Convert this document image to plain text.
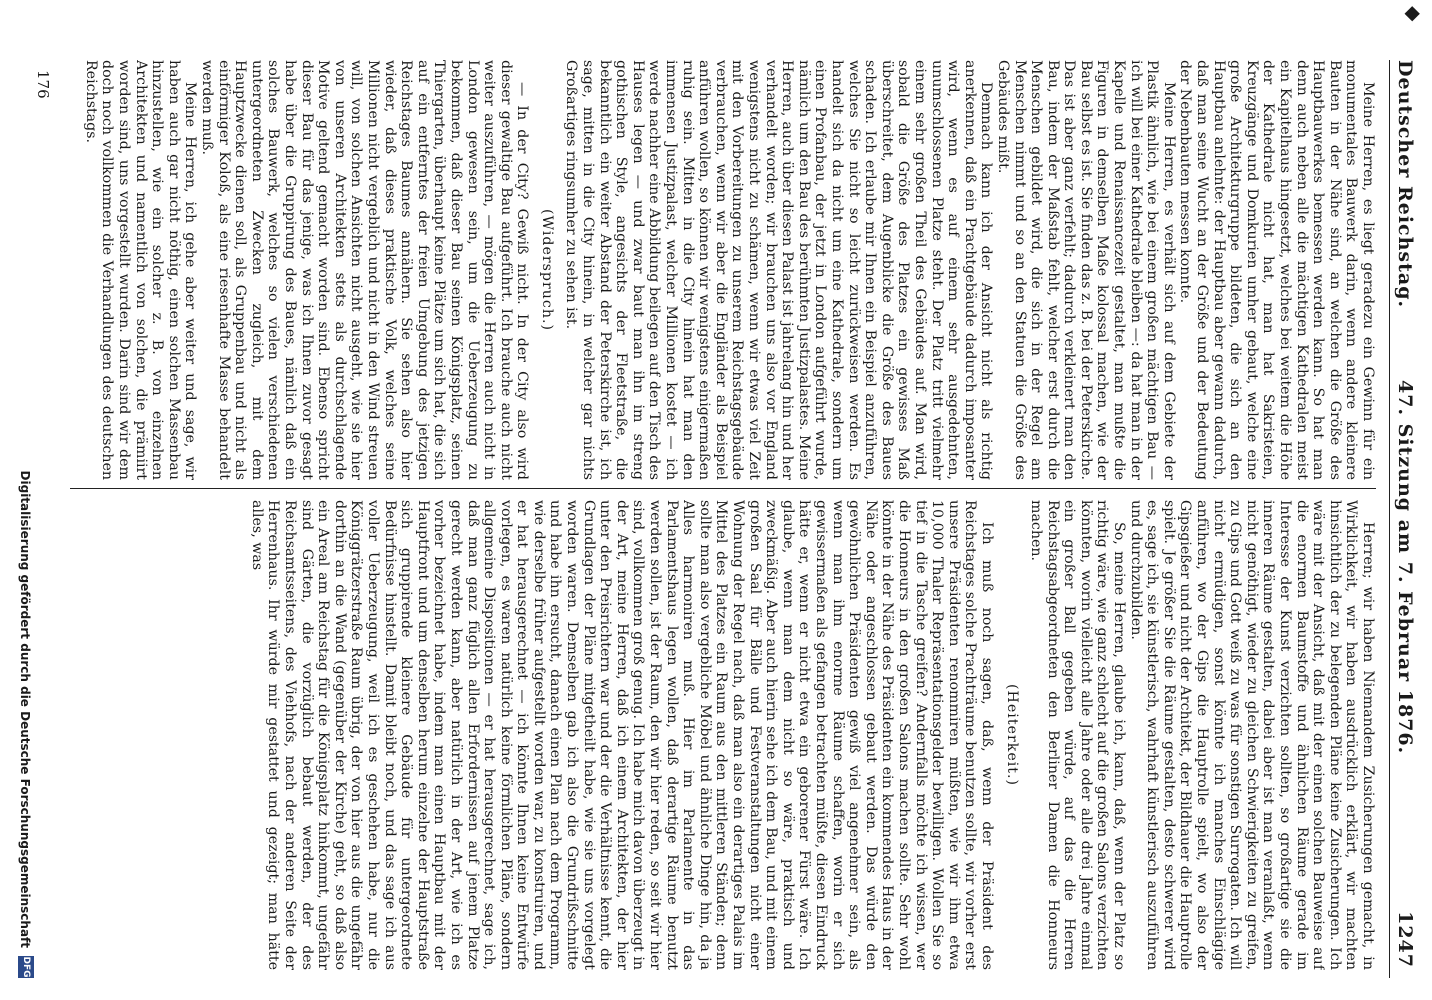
◆
Deutscher Reichstag.
47. Sitzung am 7. Februar 1876.
1247

Meine Herren, es liegt geradezu ein Gewinn für ein monumentales Bauwerk darin, wenn andere kleinere Bauten in der Nähe sind, an welchen die Größe des Hauptbauwerkes bemessen werden kann. So hat man denn auch neben alle die mächtigen Kathedralen meist ein Kapitelhaus hingesetzt, welches bei weitem die Höhe der Kathedrale nicht hat, man hat Sakristeien, Kreuzgänge und Domkurien umher gebaut, welche eine große Architekturgruppe bildeten, die sich an den Hauptbau anlehnte: der Hauptbau aber gewann dadurch, daß man seine Wucht an der Größe und der Bedeutung der Nebenbauten messen konnte.

Meine Herren, es verhält sich auf dem Gebiete der Plastik ähnlich, wie bei einem großen mächtigen Bau — ich will bei einer Kathedrale bleiben —: da hat man in der Kapelle und Renaissancezeit gestaltet, man mußte die Figuren in demselben Maße kolossal machen, wie der Bau selbst es ist. Sie finden das z. B. bei der Peterskirche. Das ist aber ganz verfehlt; dadurch verkleinert man den Bau, indem der Maßstab fehlt, welcher erst durch die Menschen gebildet wird, die sich in der Regel am Menschen nimmt und so an den Statuen die Größe des Gebäudes mißt.

Demnach kann ich der Ansicht nicht als richtig anerkennen, daß ein Prachtgebäude dadurch imposanter wird, wenn es auf einem sehr ausgedehnten, unumschlossenen Platze steht. Der Platz tritt vielmehr einem sehr großen Theil des Gebäudes auf. Man wird, sobald die Größe des Platzes ein gewisses Maß überschreitet, dem Augenblicke die Größe des Baues schaden. Ich erlaube mir Ihnen ein Beispiel anzuführen, welches Sie nicht so leicht zurückweisen werden. Es handelt sich da nicht um eine Kathedrale, sondern um einen Profanbau, der jetzt in London aufgeführt wurde, nämlich um den Bau des berühmten Justizpalastes. Meine Herren, auch über diesen Palast ist jahrelang hin und her verhandelt worden; wir brauchen uns also vor England wenigstens nicht zu schämen, wenn wir etwas viel Zeit mit den Vorbereitungen zu unserem Reichstagsgebäude verbrauchen, wenn wir aber die Engländer als Beispiel anführen wollen, so können wir wenigstens einigermaßen ruhig sein. Mitten in die City hinein hat man den immensen Justizpalast, welcher Millionen kostet — ich werde nachher eine Abbildung beilegen auf den Tisch des Hauses legen — und zwar baut man ihn im streng gothischen Style, angesichts der Fleetstraße, die bekanntlich ein weiter Abstand der Peterskirche ist, ich sage, mitten in die City hinein, in welcher gar nichts Großartiges ringsumher zu sehen ist.

(Widerspruch.)

— In der City? Gewiß nicht. In der City also wird dieser gewaltige Bau aufgeführt. Ich brauche auch nicht weiter auszuführen, — mögen die Herren auch nicht in London gewesen sein, um die Ueberzeugung zu bekommen, daß dieser Bau seinen Königsplatz, seinen Thiergarten, überhaupt keine Plätze um sich hat, die sich auf ein entferntes der freien Umgebung des jetzigen Reichstages Baumes annähern. Sie sehen also hier wieder, daß dieses praktische Volk, welches seine Millionen nicht vergeblich und nicht in den Wind streuen will, von solchen Ansichten nicht ausgeht, wie sie hier von unseren Architekten stets als durchschlagende Motive geltend gemacht worden sind. Ebenso spricht dieser Bau für das jenige, was ich Ihnen zuvor gesagt habe über die Gruppirung des Baues, nämlich daß ein solches Bauwerk, welches so vielen verschiedenen untergeordneten Zwecken zugleich, mit dem Hauptzwecke dienen soll, als Gruppenbau und nicht als einförmiger Koloß, als eine riesenhafte Masse behandelt werden muß.

Meine Herren, ich gehe aber weiter und sage, wir haben auch gar nicht nöthig, einen solchen Massenbau hinzustellen, wie ein solcher z. B. von einzelnen Architekten und namentlich von solchen, die prämiirt worden sind, uns vorgestellt wurden. Darin sind wir dem doch noch vollkommen die Verhandlungen des deutschen Reichstags.

Herren; wir haben Niemandem Zusicherungen gemacht, in Wirklichkeit, wir haben ausdrücklich erklärt, wir machten hinsichtlich der zu belegenden Pläne keine Zusicherungen. Ich wäre mit der Ansicht, daß mit der einen solchen Bauweise auf die enormen Baumstoffe und ähnlichen Räume gerade im Interesse der Kunst verzichten sollten, so großartige sie die inneren Räume gestalten, dabei aber ist man veranlaßt, wenn nicht genöthigt, wieder zu gleichen Schwierigkeiten zu greifen, zu Gips und Gott weiß zu was für sonstigen Surrogaten. Ich will nicht ermüdigen, sonst könnte ich manches Einschlägige anführen, wo der Gips die Hauptrolle spielt, wo also der Gipsgießer und nicht der Architekt, der Bildhauer die Hauptrolle spielt. Je größer Sie die Räume gestalten, desto schwerer wird es, sage ich, sie künstlerisch, wahrhaft künstlerisch auszuführen und durchzubilden.

So, meine Herren, glaube ich, kann, daß, wenn der Platz so richtig wäre, wie ganz schlecht auf die großen Salons verzichten könnten, worin vielleicht alle Jahre oder alle drei Jahre einmal ein großer Ball gegeben würde, auf das die Herren Reichstagsabgeordneten den Berliner Damen die Honneurs machen.

(Heiterkeit.)

Ich muß noch sagen, daß, wenn der Präsident des Reichstages solche Prachträume benutzen sollte, wir vorher erst unsere Präsidenten renommiren müßten, wie wir ihm etwa 10,000 Thaler Repräsentationsgelder bewilligen. Wollen Sie so tief in die Tasche greifen? Andernfalls möchte ich wissen, wer die Honneurs in den großen Salons machen sollte. Sehr wohl könnte in der Nähe des Präsidenten ein kommendes Haus in der Nähe oder angeschlossen gebaut werden. Das würde den gewöhnlichen Präsidenten gewiß viel angenehmer sein, als wenn man ihm enorme Räume schaffen, worin er sich gewissermaßen als gefangen betrachten müßte, diesen Eindruck hätte er, wenn er nicht etwa ein geborener Fürst wäre. Ich glaube, wenn man dem nicht so wäre, praktisch und zweckmäßig. Aber auch hierin sehe ich dem Bau, und mit einem großen Saal für Bälle und Festveranstaltungen nicht einer Wohnung der Regel nach, daß man also ein derartiges Palais im Mittel des Platzes ein Raum aus den mittleren Ständen; denn sollte man also vergebliche Möbel und ähnliche Dinge hin, da ja Alles harmoniren muß. Hier im Parlamente in das Parlamentshaus legen wollen, daß derartige Räume benutzt werden sollen, ist der Raum, den wir hier reden, so seit wir hier sind, vollkommen groß genug. Ich habe mich davon überzeugt in der Art, meine Herren, daß ich einem Architekten, der hier unter den Preisrichtern war und der die Verhältnisse kennt, die Grundlagen der Pläne mitgetheilt habe, wie sie uns vorgelegt worden waren. Demselben gab ich also die Grundrißschnitte und habe ihn ersucht, danach einen Plan nach dem Programm, wie derselbe früher aufgestellt worden war, zu konstruiren, und er hat herausgerechnet — ich könnte Ihnen keine Entwürfe vorlegen, es waren natürlich keine förmlichen Pläne, sondern allgemeine Dispositionen — er hat herausgerechnet, sage ich, daß man ganz füglich allen Erfordernissen auf jenem Platze gerecht werden kann, aber natürlich in der Art, wie ich es vorher bezeichnet habe, indem man einen Hauptbau mit der Hauptfront und um denselben herum einzelne der Hauptstraße sich gruppirende kleinere Gebäude für untergeordnete Bedürfnisse hinstellt. Damit bleibt noch, und das sage ich aus voller Ueberzeugung, weil ich es geschehen habe, nur die Königgrätzerstraße Raum übrig, der von hier aus die ungefähr dorthin an die Wand (gegenüber der Kirche) geht, so daß also ein Areal am Reichstag für die Königsplatz hinkommt, ungefähr sind Gärten, die vorzüglich bebaut werden, der des Reichsamtsseitens, des Viehhofs, nach der anderen Seite der Herrenhaus. Ihr würde mir gestattet und gezeigt; man hätte alles, was

176
Digitalisierung gefördert durch die Deutsche Forschungsgemeinschaft
DFG
